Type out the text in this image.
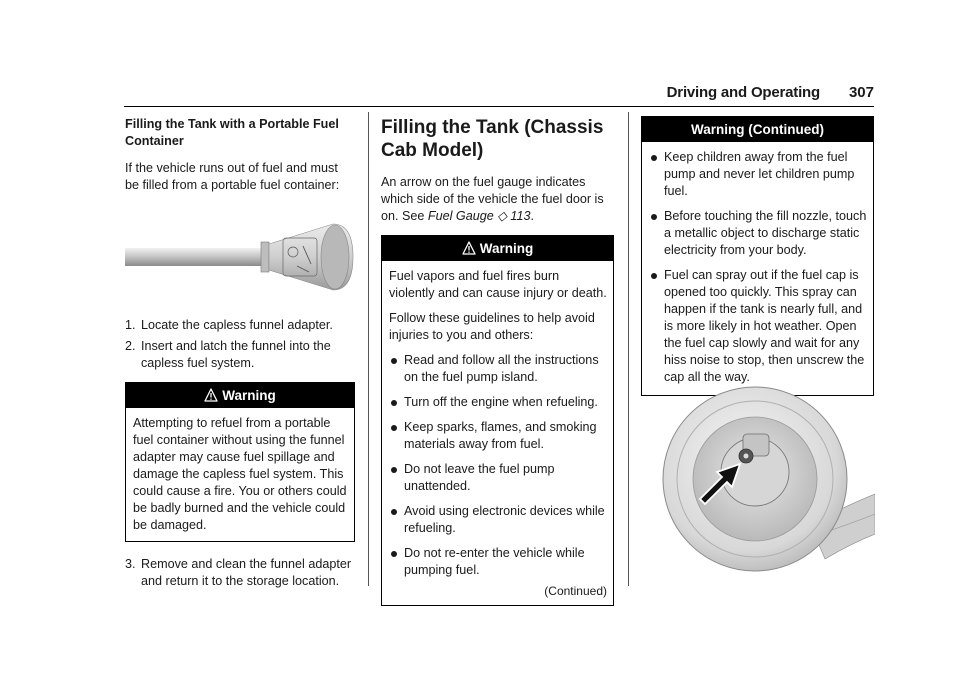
Driving and Operating 307

Filling the Tank with a Portable Fuel Container

If the vehicle runs out of fuel and must be filled from a portable fuel container:

1. Locate the capless funnel adapter.
2. Insert and latch the funnel into the capless fuel system.
Warning

Attempting to refuel from a portable fuel container without using the funnel adapter may cause fuel spillage and damage the capless fuel system. This could cause a fire. You or others could be badly burned and the vehicle could be damaged.

3. Remove and clean the funnel adapter and return it to the storage location.

Filling the Tank (Chassis Cab Model)

An arrow on the fuel gauge indicates which side of the vehicle the fuel door is on. See Fuel Gauge ◇ 113.

Warning

Fuel vapors and fuel fires burn violently and can cause injury or death.

Follow these guidelines to help avoid injuries to you and others:

Read and follow all the instructions on the fuel pump island.
Turn off the engine when refueling.
Keep sparks, flames, and smoking materials away from fuel.
Do not leave the fuel pump unattended.
Avoid using electronic devices while refueling.
Do not re-enter the vehicle while pumping fuel.
(Continued)
Warning (Continued)
Keep children away from the fuel pump and never let children pump fuel.
Before touching the fill nozzle, touch a metallic object to discharge static electricity from your body.
Fuel can spray out if the fuel cap is opened too quickly. This spray can happen if the tank is nearly full, and is more likely in hot weather. Open the fuel cap slowly and wait for any hiss noise to stop, then unscrew the cap all the way.
